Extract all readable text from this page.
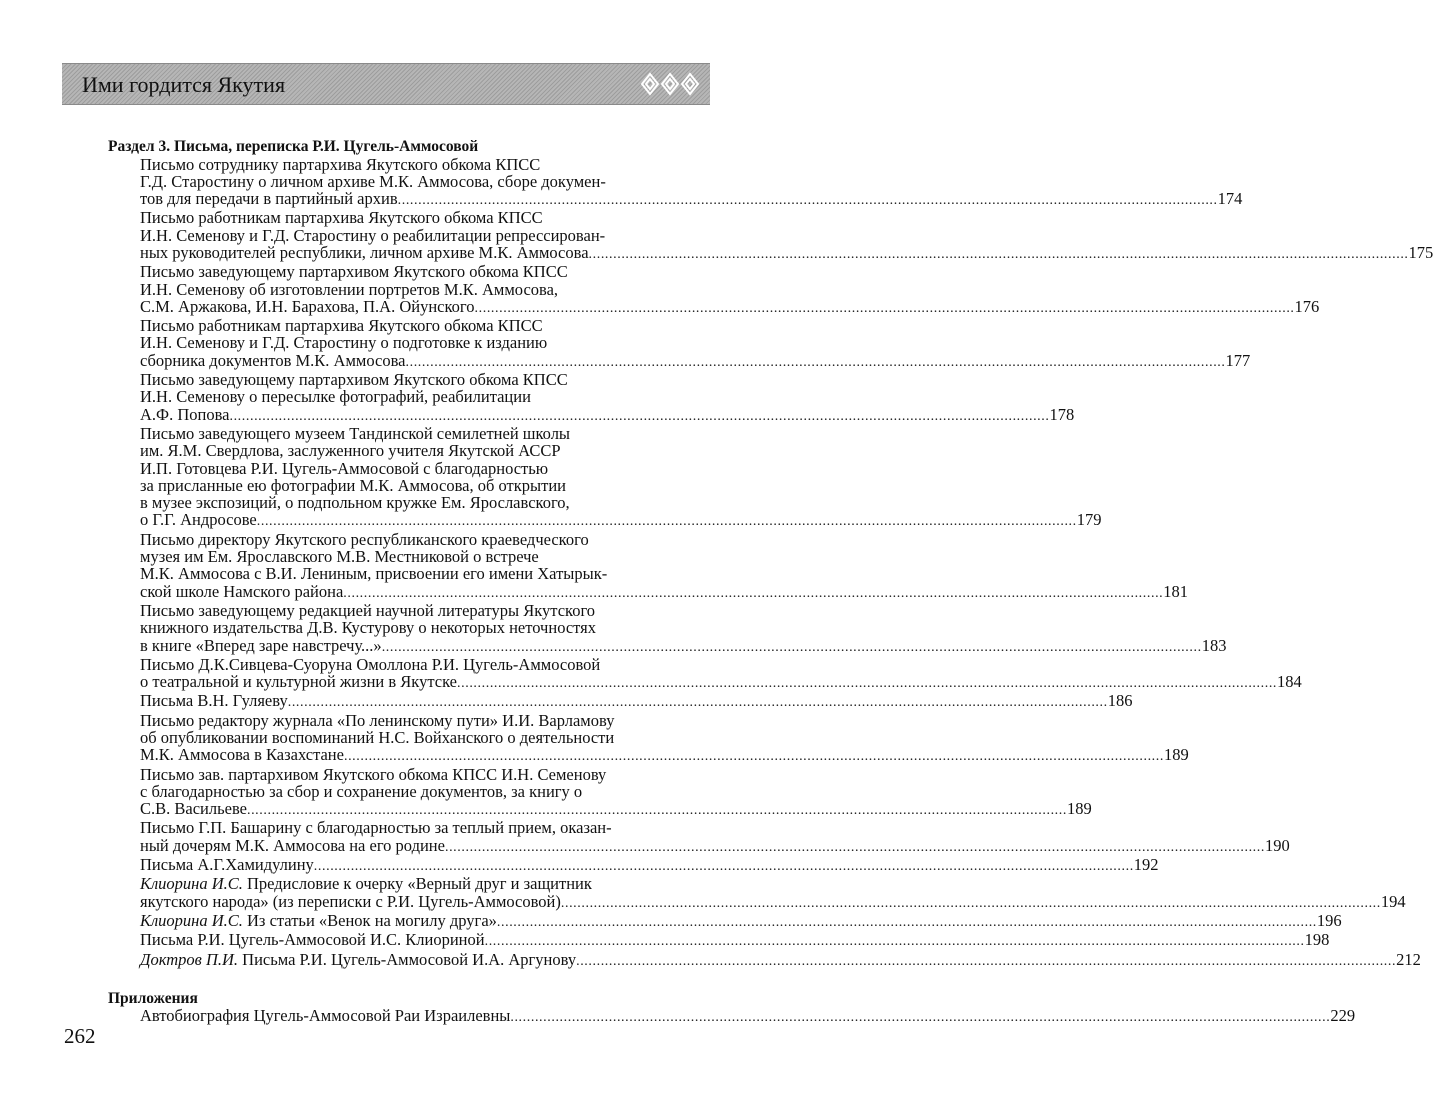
Ими гордится Якутия
Раздел 3. Письма, переписка Р.И. Цугель-Аммосовой
Письмо сотруднику партархива Якутского обкома КПСС
Г.Д. Старостину о личном архиве М.К. Аммосова, сборе докумен-
тов для передачи в партийный архив ........................................................................................................................................................................................................ 174
Письмо работникам партархива Якутского обкома КПСС
И.Н. Семенову и Г.Д. Старостину о реабилитации репрессирован-
ных руководителей республики, личном архиве М.К. Аммосова ........................................................................................................................................................................................................ 175
Письмо заведующему партархивом Якутского обкома КПСС
И.Н. Семенову об изготовлении портретов М.К. Аммосова,
С.М. Аржакова, И.Н. Барахова, П.А. Ойунского ........................................................................................................................................................................................................ 176
Письмо работникам партархива Якутского обкома КПСС
И.Н. Семенову и Г.Д. Старостину о подготовке к изданию
сборника документов М.К. Аммосова ........................................................................................................................................................................................................ 177
Письмо заведующему партархивом Якутского обкома КПСС
И.Н. Семенову о пересылке фотографий, реабилитации
А.Ф. Попова ........................................................................................................................................................................................................ 178
Письмо заведующего музеем Тандинской семилетней школы
им. Я.М. Свердлова, заслуженного учителя Якутской АССР
И.П. Готовцева Р.И. Цугель-Аммосовой с благодарностью
за присланные ею фотографии М.К. Аммосова, об открытии
в музее экспозиций, о подпольном кружке Ем. Ярославского,
о Г.Г. Андросове ........................................................................................................................................................................................................ 179
Письмо директору Якутского республиканского краеведческого
музея им Ем. Ярославского М.В. Местниковой о встрече
М.К. Аммосова с В.И. Лениным, присвоении его имени Хатырык-
ской школе Намского района ........................................................................................................................................................................................................ 181
Письмо заведующему редакцией научной литературы Якутского
книжного издательства Д.В. Кустурову о некоторых неточностях
в книге «Вперед заре навстречу...» ........................................................................................................................................................................................................ 183
Письмо Д.К.Сивцева-Суоруна Омоллона Р.И. Цугель-Аммосовой
о театральной и культурной жизни в Якутске ........................................................................................................................................................................................................ 184
Письма В.Н. Гуляеву ........................................................................................................................................................................................................ 186
Письмо редактору журнала «По ленинскому пути» И.И. Варламову
об опубликовании воспоминаний Н.С. Войханского о деятельности
М.К. Аммосова в Казахстане ........................................................................................................................................................................................................ 189
Письмо зав. партархивом Якутского обкома КПСС И.Н. Семенову
с благодарностью за сбор и сохранение документов, за книгу о
С.В. Васильеве ........................................................................................................................................................................................................ 189
Письмо Г.П. Башарину с благодарностью за теплый прием, оказан-
ный дочерям М.К. Аммосова на его родине ........................................................................................................................................................................................................ 190
Письма А.Г.Хамидулину ........................................................................................................................................................................................................ 192
Клиорина И.С. Предисловие к очерку «Верный друг и защитник
якутского народа» (из переписки с Р.И. Цугель-Аммосовой) ........................................................................................................................................................................................................ 194
Клиорина И.С. Из статьи «Венок на могилу друга» ........................................................................................................................................................................................................ 196
Письма Р.И. Цугель-Аммосовой И.С. Клиориной ........................................................................................................................................................................................................ 198
Доктров П.И. Письма Р.И. Цугель-Аммосовой И.А. Аргунову ........................................................................................................................................................................................................ 212
Приложения
Автобиография Цугель-Аммосовой Раи Израилевны ........................................................................................................................................................................................................ 229
262
